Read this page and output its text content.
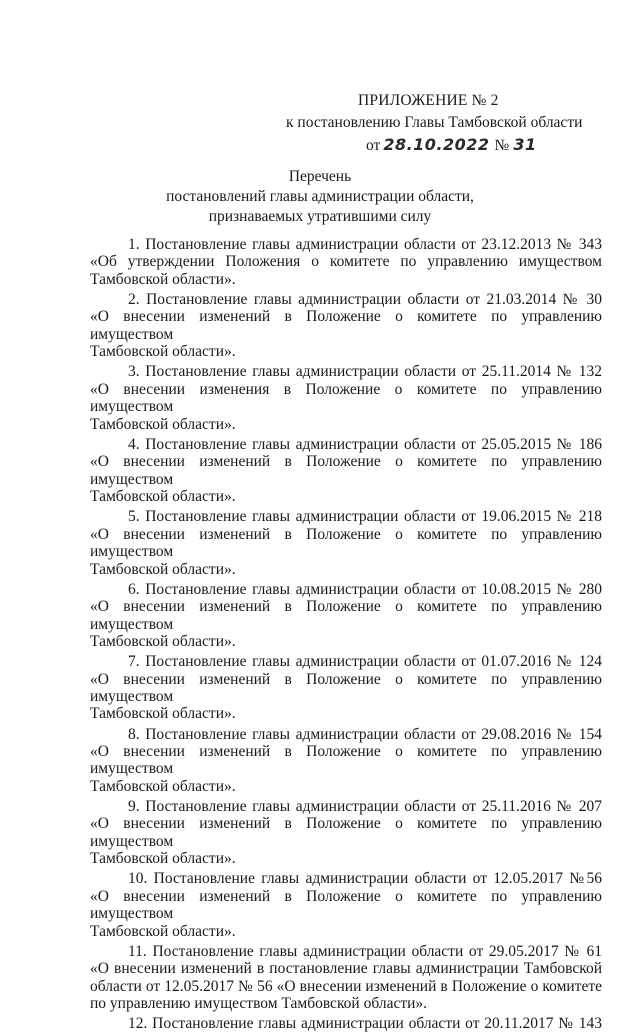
ПРИЛОЖЕНИЕ № 2
к постановлению Главы Тамбовской области
от 28.10.2022 № 31
Перечень
постановлений главы администрации области,
признаваемых утратившими силу
1. Постановление главы администрации области от 23.12.2013 № 343
«Об утверждении Положения о комитете по управлению имуществом
Тамбовской области».
2. Постановление главы администрации области от 21.03.2014 № 30
«О внесении изменений в Положение о комитете по управлению имуществом
Тамбовской области».
3. Постановление главы администрации области от 25.11.2014 № 132
«О внесении изменения в Положение о комитете по управлению имуществом
Тамбовской области».
4. Постановление главы администрации области от 25.05.2015 № 186
«О внесении изменений в Положение о комитете по управлению имуществом
Тамбовской области».
5. Постановление главы администрации области от 19.06.2015 № 218
«О внесении изменений в Положение о комитете по управлению имуществом
Тамбовской области».
6. Постановление главы администрации области от 10.08.2015 № 280
«О внесении изменений в Положение о комитете по управлению имуществом
Тамбовской области».
7. Постановление главы администрации области от 01.07.2016 № 124
«О внесении изменений в Положение о комитете по управлению имуществом
Тамбовской области».
8. Постановление главы администрации области от 29.08.2016 № 154
«О внесении изменений в Положение о комитете по управлению имуществом
Тамбовской области».
9. Постановление главы администрации области от 25.11.2016 № 207
«О внесении изменений в Положение о комитете по управлению имуществом
Тамбовской области».
10. Постановление главы администрации области от 12.05.2017 №56
«О внесении изменений в Положение о комитете по управлению имуществом
Тамбовской области».
11. Постановление главы администрации области от 29.05.2017 № 61
«О внесении изменений в постановление главы администрации Тамбовской
области от 12.05.2017 № 56 «О внесении изменений в Положение о комитете
по управлению имуществом Тамбовской области».
12. Постановление главы администрации области от 20.11.2017 № 143
